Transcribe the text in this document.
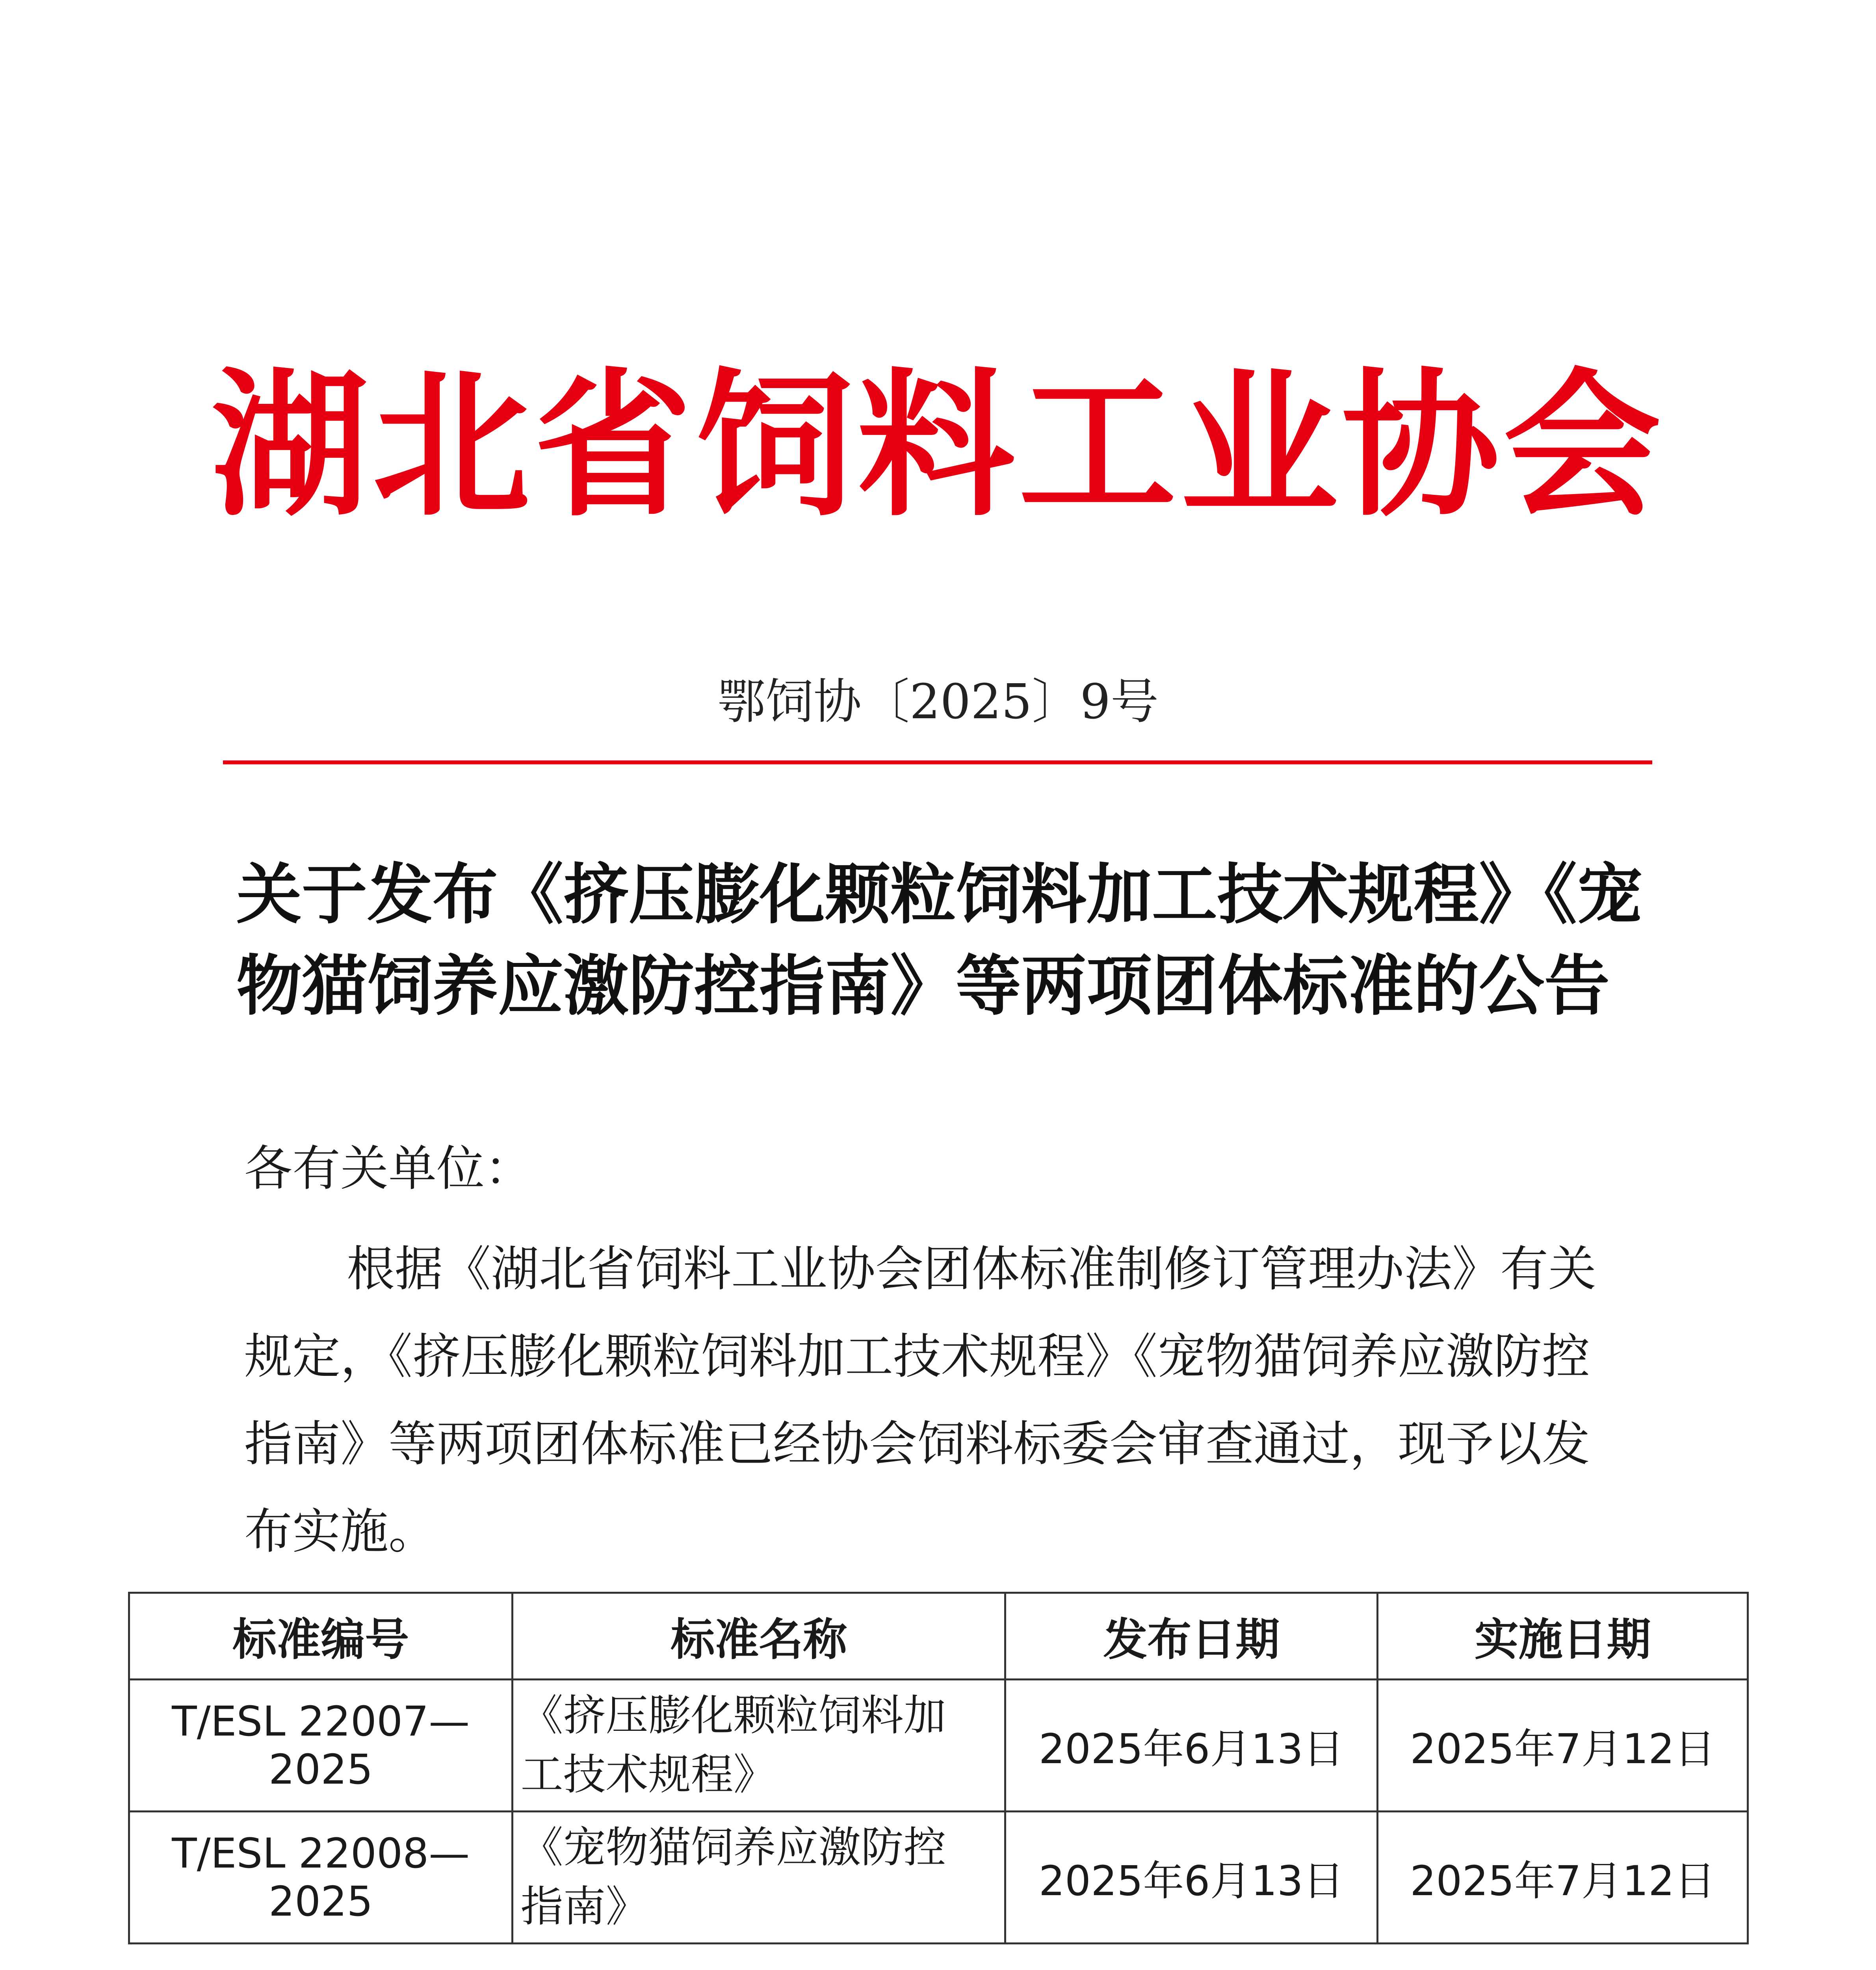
湖北省饲料工业协会
鄂饲协〔2025〕9号
关于发布《挤压膨化颗粒饲料加工技术规程》《宠
物猫饲养应激防控指南》等两项团体标准的公告
各有关单位：
根据《湖北省饲料工业协会团体标准制修订管理办法》有关
规定，《挤压膨化颗粒饲料加工技术规程》《宠物猫饲养应激防控
指南》等两项团体标准已经协会饲料标委会审查通过，现予以发
布实施。
标准编号	标准名称	发布日期	实施日期
T/ESL 22007—2025	《挤压膨化颗粒饲料加
工技术规程》	2025年6月13日	2025年7月12日
T/ESL 22008—2025	《宠物猫饲养应激防控
指南》	2025年6月13日	2025年7月12日
